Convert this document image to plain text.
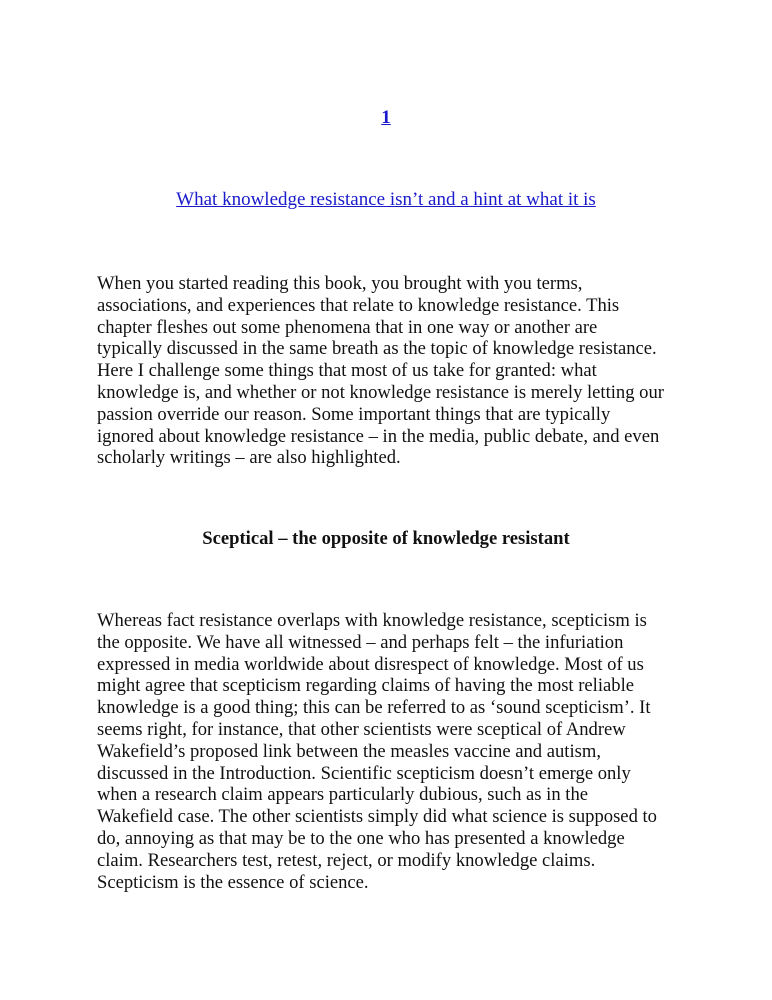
1
What knowledge resistance isn’t and a hint at what it is

When you started reading this book, you brought with you terms,
associations, and experiences that relate to knowledge resistance. This
chapter fleshes out some phenomena that in one way or another are
typically discussed in the same breath as the topic of knowledge resistance.
Here I challenge some things that most of us take for granted: what
knowledge is, and whether or not knowledge resistance is merely letting our
passion override our reason. Some important things that are typically
ignored about knowledge resistance – in the media, public debate, and even
scholarly writings – are also highlighted.

Sceptical – the opposite of knowledge resistant

Whereas fact resistance overlaps with knowledge resistance, scepticism is
the opposite. We have all witnessed – and perhaps felt – the infuriation
expressed in media worldwide about disrespect of knowledge. Most of us
might agree that scepticism regarding claims of having the most reliable
knowledge is a good thing; this can be referred to as ‘sound scepticism’. It
seems right, for instance, that other scientists were sceptical of Andrew
Wakefield’s proposed link between the measles vaccine and autism,
discussed in the Introduction. Scientific scepticism doesn’t emerge only
when a research claim appears particularly dubious, such as in the
Wakefield case. The other scientists simply did what science is supposed to
do, annoying as that may be to the one who has presented a knowledge
claim. Researchers test, retest, reject, or modify knowledge claims.
Scepticism is the essence of science.
